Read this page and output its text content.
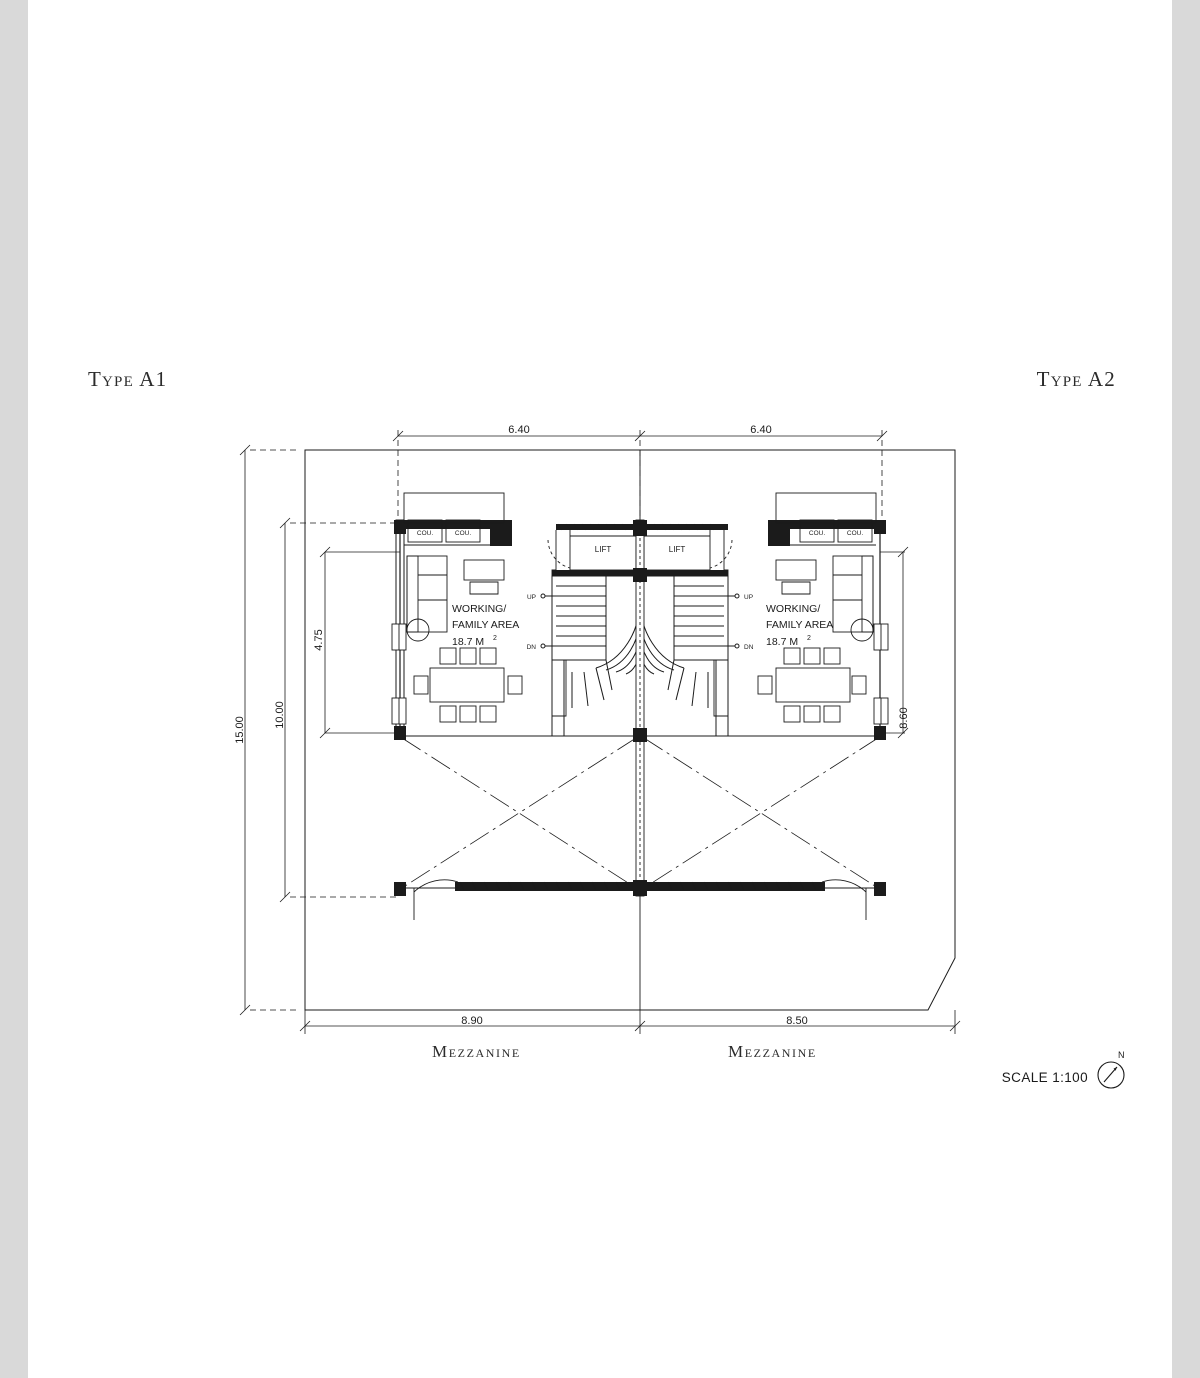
Type A1	Type A2
Mezzanine	Mezzanine
SCALE 1:100
N
6.40	6.40
8.90	8.50
15.00
10.00
4.75
8.60
WORKING/
FAMILY AREA
18.7 M 2
WORKING/
FAMILY AREA
18.7 M 2
LIFT	LIFT
COU.	COU.	COU.	COU.
UP	UP
DN	DN
